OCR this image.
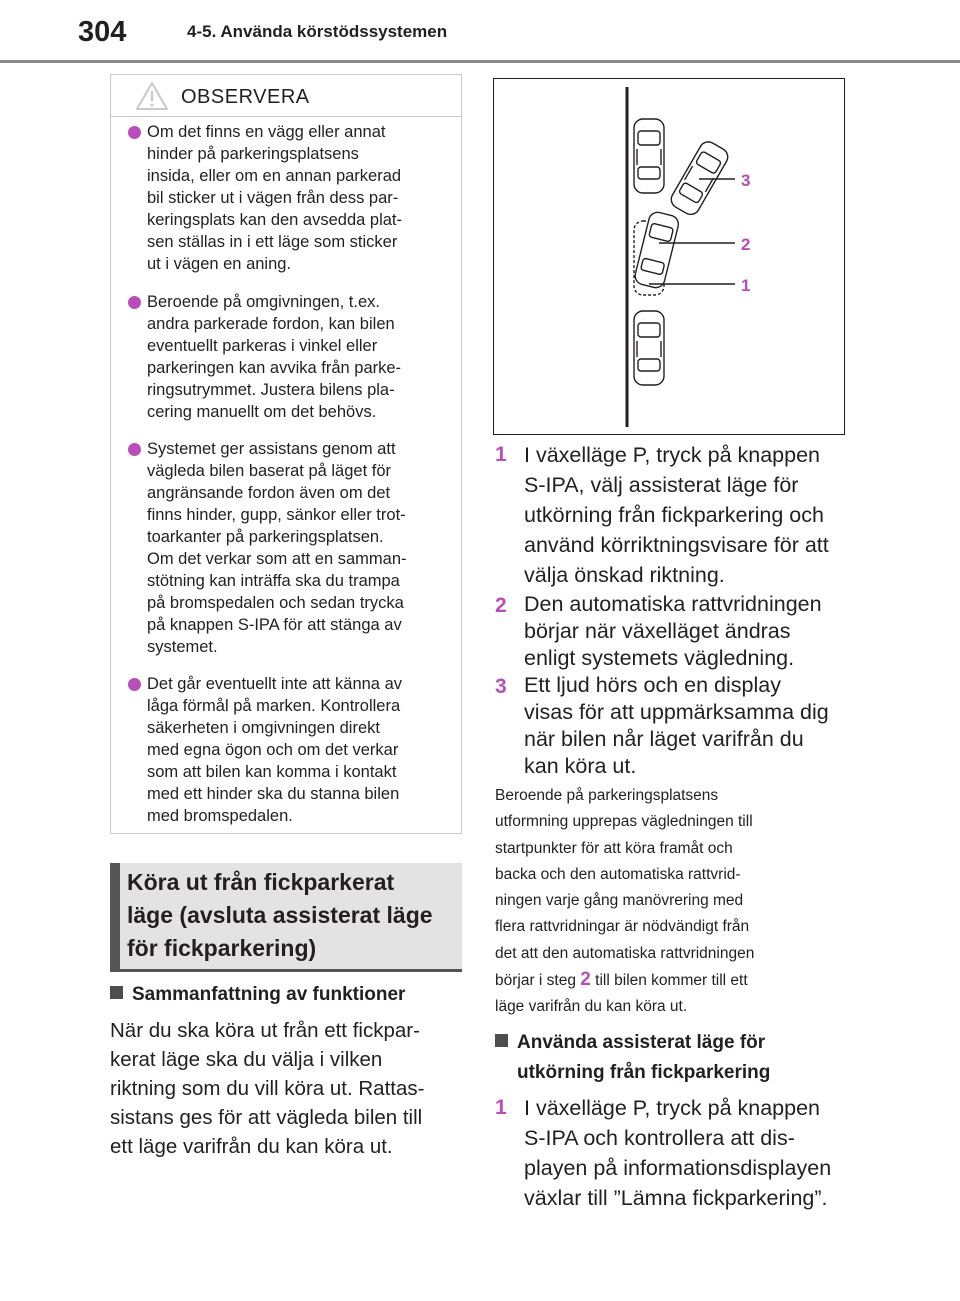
304	4-5. Använda körstödssystemen
OBSERVERA
Om det finns en vägg eller annat
hinder på parkeringsplatsens
insida, eller om en annan parkerad
bil sticker ut i vägen från dess par-
keringsplats kan den avsedda plat-
sen ställas in i ett läge som sticker
ut i vägen en aning.
Beroende på omgivningen, t.ex.
andra parkerade fordon, kan bilen
eventuellt parkeras i vinkel eller
parkeringen kan avvika från parke-
ringsutrymmet. Justera bilens pla-
cering manuellt om det behövs.
Systemet ger assistans genom att
vägleda bilen baserat på läget för
angränsande fordon även om det
finns hinder, gupp, sänkor eller trot-
toarkanter på parkeringsplatsen.
Om det verkar som att en samman-
stötning kan inträffa ska du trampa
på bromspedalen och sedan trycka
på knappen S-IPA för att stänga av
systemet.
Det går eventuellt inte att känna av
låga förmål på marken. Kontrollera
säkerheten i omgivningen direkt
med egna ögon och om det verkar
som att bilen kan komma i kontakt
med ett hinder ska du stanna bilen
med bromspedalen.
Köra ut från fickparkerat
läge (avsluta assisterat läge
för fickparkering)
Sammanfattning av funktioner
När du ska köra ut från ett fickpar-
kerat läge ska du välja i vilken
riktning som du vill köra ut. Rattas-
sistans ges för att vägleda bilen till
ett läge varifrån du kan köra ut.
3
2
1
1 I växelläge P, tryck på knappen
S-IPA, välj assisterat läge för
utkörning från fickparkering och
använd körriktningsvisare för att
välja önskad riktning.
2 Den automatiska rattvridningen
börjar när växelläget ändras
enligt systemets vägledning.
3 Ett ljud hörs och en display
visas för att uppmärksamma dig
när bilen når läget varifrån du
kan köra ut.
Beroende på parkeringsplatsens
utformning upprepas vägledningen till
startpunkter för att köra framåt och
backa och den automatiska rattvrid-
ningen varje gång manövrering med
flera rattvridningar är nödvändigt från
det att den automatiska rattvridningen
börjar i steg 2 till bilen kommer till ett
läge varifrån du kan köra ut.
Använda assisterat läge för
utkörning från fickparkering
1 I växelläge P, tryck på knappen
S-IPA och kontrollera att dis-
playen på informationsdisplayen
växlar till ”Lämna fickparkering”.
